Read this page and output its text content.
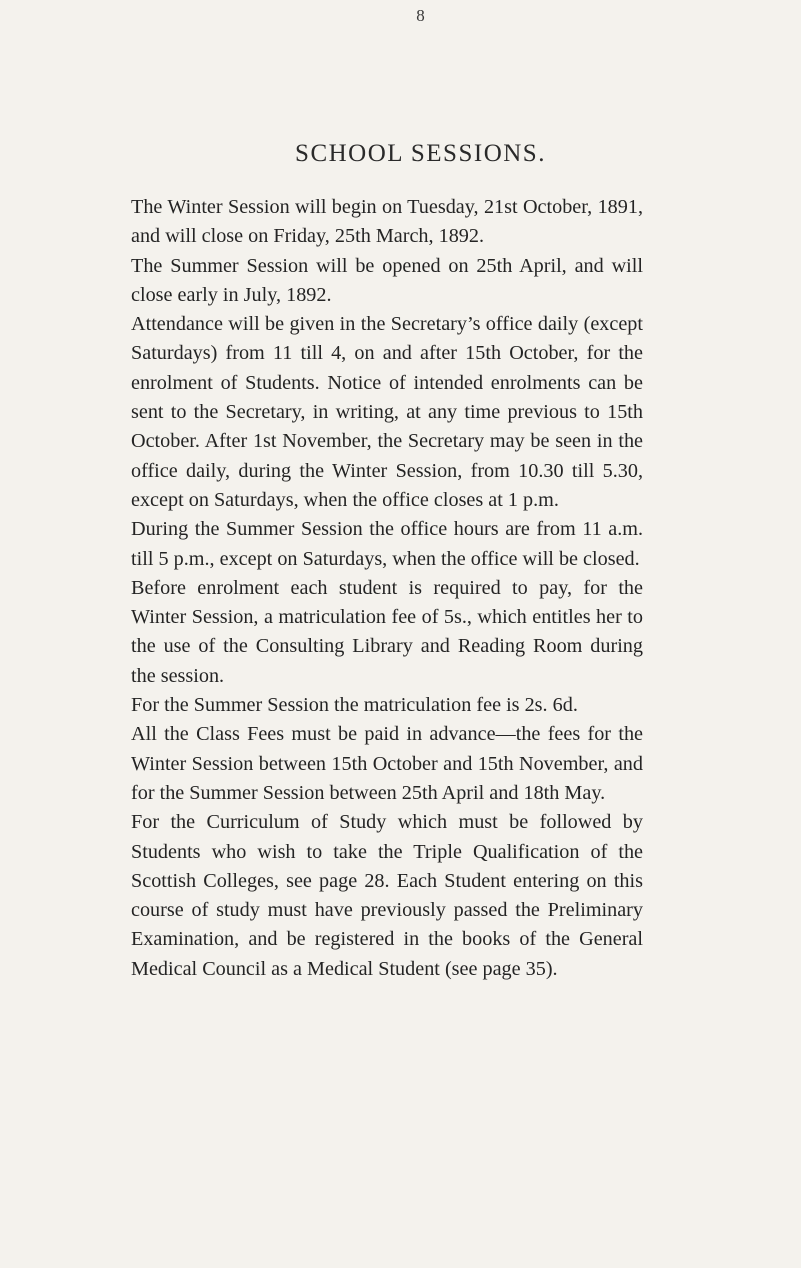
8

SCHOOL SESSIONS.

The Winter Session will begin on Tuesday, 21st October, 1891, and will close on Friday, 25th March, 1892.

The Summer Session will be opened on 25th April, and will close early in July, 1892.

Attendance will be given in the Secretary’s office daily (except Saturdays) from 11 till 4, on and after 15th October, for the enrolment of Students. Notice of intended enrolments can be sent to the Secretary, in writing, at any time previous to 15th October. After 1st November, the Secretary may be seen in the office daily, during the Winter Session, from 10.30 till 5.30, except on Saturdays, when the office closes at 1 p.m.

During the Summer Session the office hours are from 11 a.m. till 5 p.m., except on Saturdays, when the office will be closed.

Before enrolment each student is required to pay, for the Winter Session, a matriculation fee of 5s., which entitles her to the use of the Consulting Library and Reading Room during the session.

For the Summer Session the matriculation fee is 2s. 6d.

All the Class Fees must be paid in advance—the fees for the Winter Session between 15th October and 15th November, and for the Summer Session between 25th April and 18th May.

For the Curriculum of Study which must be followed by Students who wish to take the Triple Qualification of the Scottish Colleges, see page 28. Each Student entering on this course of study must have previously passed the Preliminary Examination, and be registered in the books of the General Medical Council as a Medical Student (see page 35).
